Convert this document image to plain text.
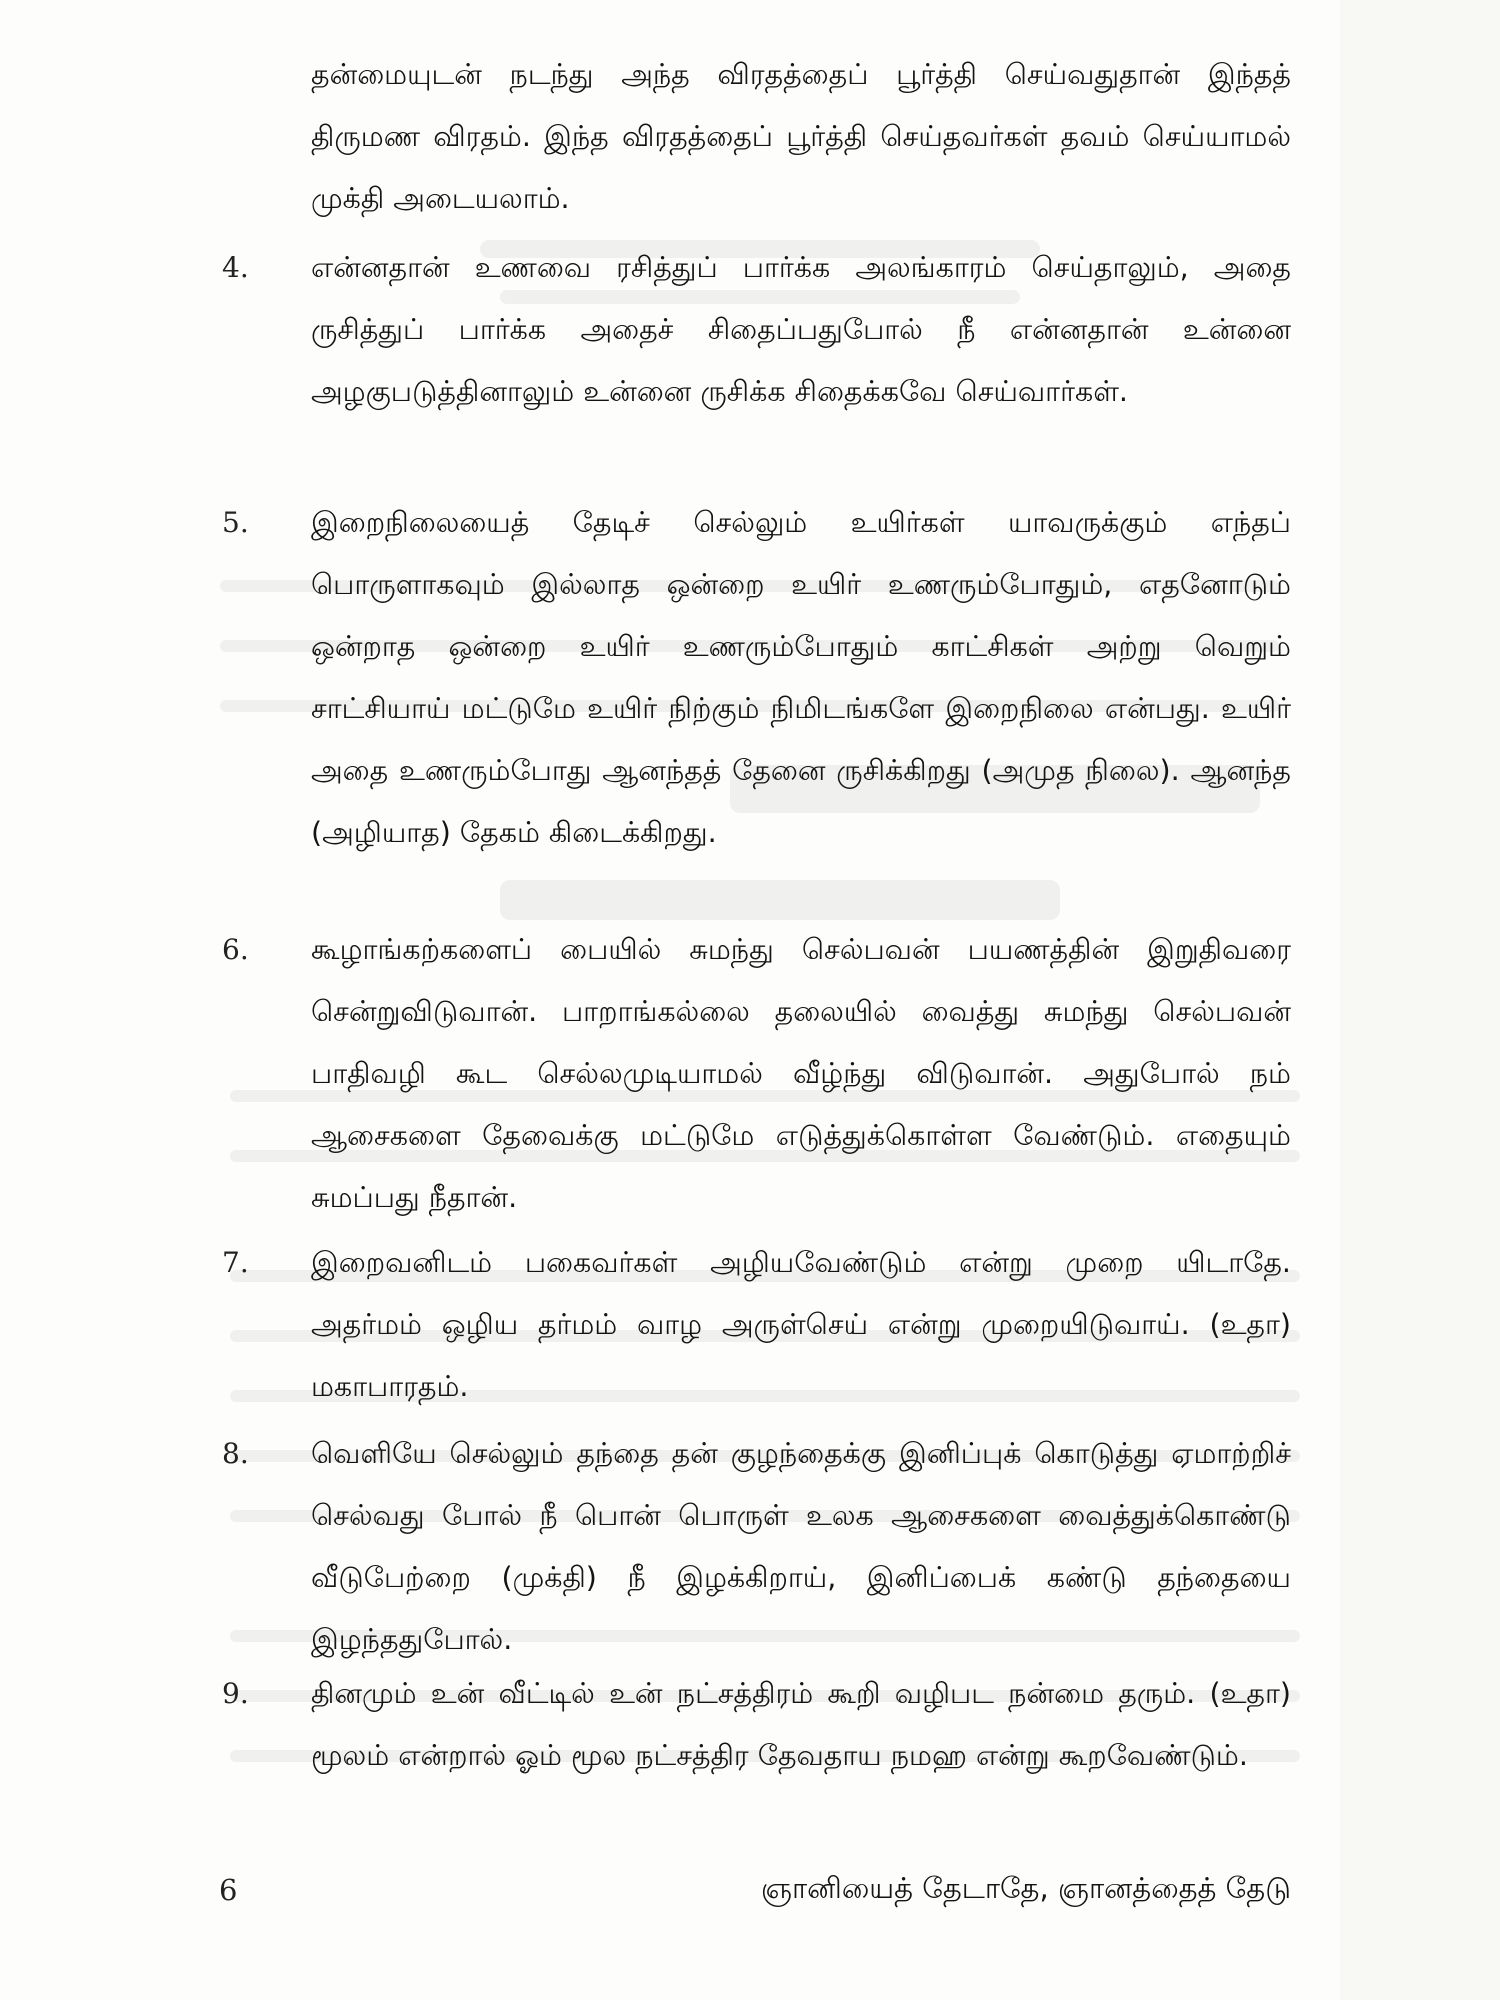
தன்மையுடன் நடந்து அந்த விரதத்தைப் பூர்த்தி செய்வதுதான் இந்தத் திருமண விரதம். இந்த விரதத்தைப் பூர்த்தி செய்தவர்கள் தவம் செய்யாமல் முக்தி அடையலாம்.

4. என்னதான் உணவை ரசித்துப் பார்க்க அலங்காரம் செய்தாலும், அதை ருசித்துப் பார்க்க அதைச் சிதைப்பதுபோல் நீ என்னதான் உன்னை அழகுபடுத்தினாலும் உன்னை ருசிக்க சிதைக்கவே செய்வார்கள்.

5. இறைநிலையைத் தேடிச் செல்லும் உயிர்கள் யாவருக்கும் எந்தப் பொருளாகவும் இல்லாத ஒன்றை உயிர் உணரும்போதும், எதனோடும் ஒன்றாத ஒன்றை உயிர் உணரும்போதும் காட்சிகள் அற்று வெறும் சாட்சியாய் மட்டுமே உயிர் நிற்கும் நிமிடங்களே இறைநிலை என்பது. உயிர் அதை உணரும்போது ஆனந்தத் தேனை ருசிக்கிறது (அமுத நிலை). ஆனந்த (அழியாத) தேகம் கிடைக்கிறது.

6. கூழாங்கற்களைப் பையில் சுமந்து செல்பவன் பயணத்தின் இறுதிவரை சென்றுவிடுவான். பாறாங்கல்லை தலையில் வைத்து சுமந்து செல்பவன் பாதிவழி கூட செல்லமுடியாமல் வீழ்ந்து விடுவான். அதுபோல் நம் ஆசைகளை தேவைக்கு மட்டுமே எடுத்துக்கொள்ள வேண்டும். எதையும் சுமப்பது நீதான்.

7. இறைவனிடம் பகைவர்கள் அழியவேண்டும் என்று முறை யிடாதே. அதர்மம் ஒழிய தர்மம் வாழ அருள்செய் என்று முறையிடுவாய். (உதா) மகாபாரதம்.

8. வெளியே செல்லும் தந்தை தன் குழந்தைக்கு இனிப்புக் கொடுத்து ஏமாற்றிச் செல்வது போல் நீ பொன் பொருள் உலக ஆசைகளை வைத்துக்கொண்டு வீடுபேற்றை (முக்தி) நீ இழக்கிறாய், இனிப்பைக் கண்டு தந்தையை இழந்ததுபோல்.

9. தினமும் உன் வீட்டில் உன் நட்சத்திரம் கூறி வழிபட நன்மை தரும். (உதா) மூலம் என்றால் ஓம் மூல நட்சத்திர தேவதாய நமஹ என்று கூறவேண்டும்.

6	ஞானியைத் தேடாதே, ஞானத்தைத் தேடு
